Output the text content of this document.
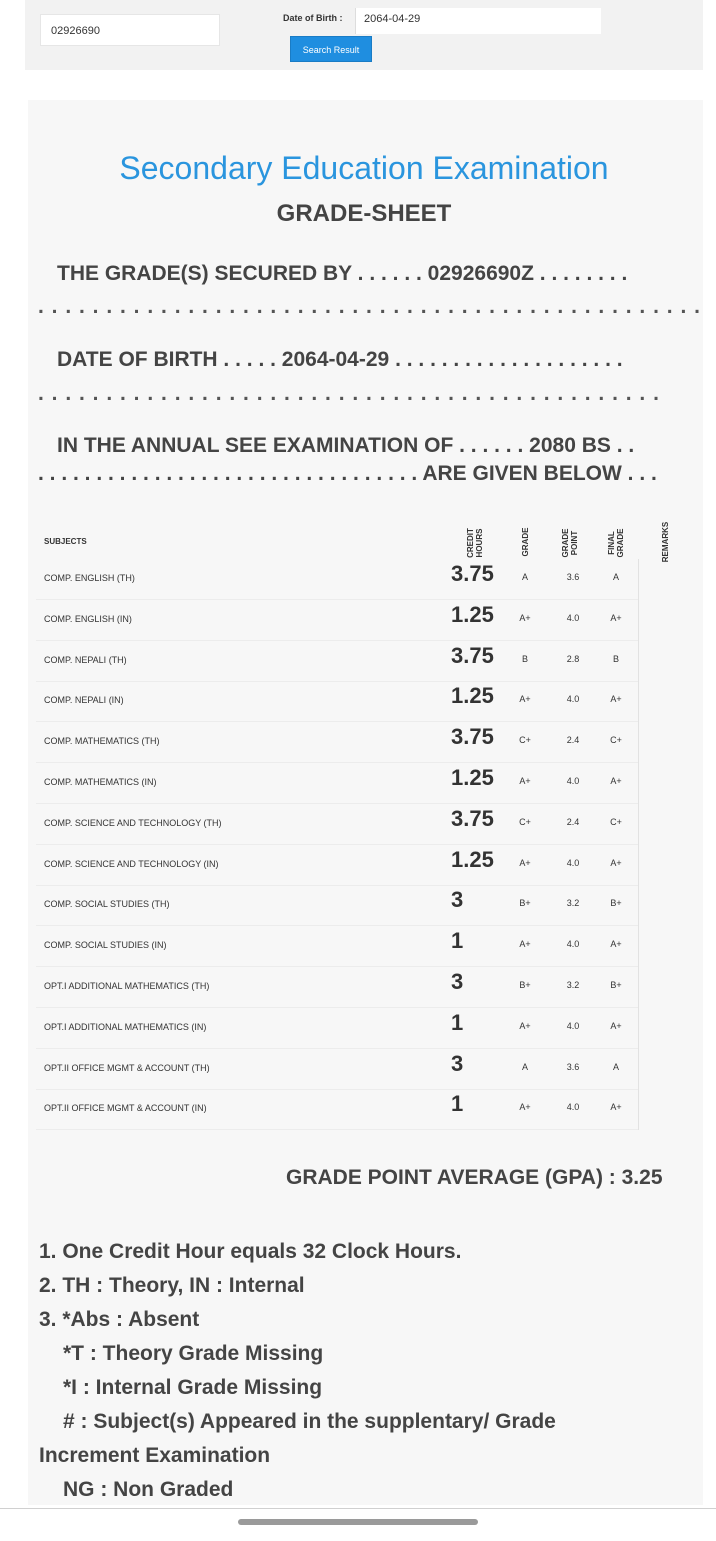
02926690
Date of Birth :	2064-04-29
Search Result
Secondary Education Examination
GRADE-SHEET
THE GRADE(S) SECURED BY . . . . . . 02926690Z . . . . . . . .
. . . . . . . . . . . . . . . . . . . . . . . . . . . . . . . . . . . . . . . . . . . . . . . . .
DATE OF BIRTH . . . . . 2064-04-29 . . . . . . . . . . . . . . . . . . . .
. . . . . . . . . . . . . . . . . . . . . . . . . . . . . . . . . . . . . . . . . . . . . .
IN THE ANNUAL SEE EXAMINATION OF . . . . . . 2080 BS . .
. . . . . . . . . . . . . . . . . . . . . . . . . . . . . . . . . ARE GIVEN BELOW . . .
SUBJECTS	CREDIT HOURS	GRADE	GRADE POINT	FINAL GRADE	REMARKS
COMP. ENGLISH (TH)	3.75	A	3.6	A
COMP. ENGLISH (IN)	1.25	A+	4.0	A+
COMP. NEPALI (TH)	3.75	B	2.8	B
COMP. NEPALI (IN)	1.25	A+	4.0	A+
COMP. MATHEMATICS (TH)	3.75	C+	2.4	C+
COMP. MATHEMATICS (IN)	1.25	A+	4.0	A+
COMP. SCIENCE AND TECHNOLOGY (TH)	3.75	C+	2.4	C+
COMP. SCIENCE AND TECHNOLOGY (IN)	1.25	A+	4.0	A+
COMP. SOCIAL STUDIES (TH)	3	B+	3.2	B+
COMP. SOCIAL STUDIES (IN)	1	A+	4.0	A+
OPT.I ADDITIONAL MATHEMATICS (TH)	3	B+	3.2	B+
OPT.I ADDITIONAL MATHEMATICS (IN)	1	A+	4.0	A+
OPT.II OFFICE MGMT & ACCOUNT (TH)	3	A	3.6	A
OPT.II OFFICE MGMT & ACCOUNT (IN)	1	A+	4.0	A+
GRADE POINT AVERAGE (GPA) : 3.25
1. One Credit Hour equals 32 Clock Hours.
2. TH : Theory, IN : Internal
3. *Abs : Absent
*T : Theory Grade Missing
*I : Internal Grade Missing
# : Subject(s) Appeared in the supplentary/ Grade
Increment Examination
NG : Non Graded
